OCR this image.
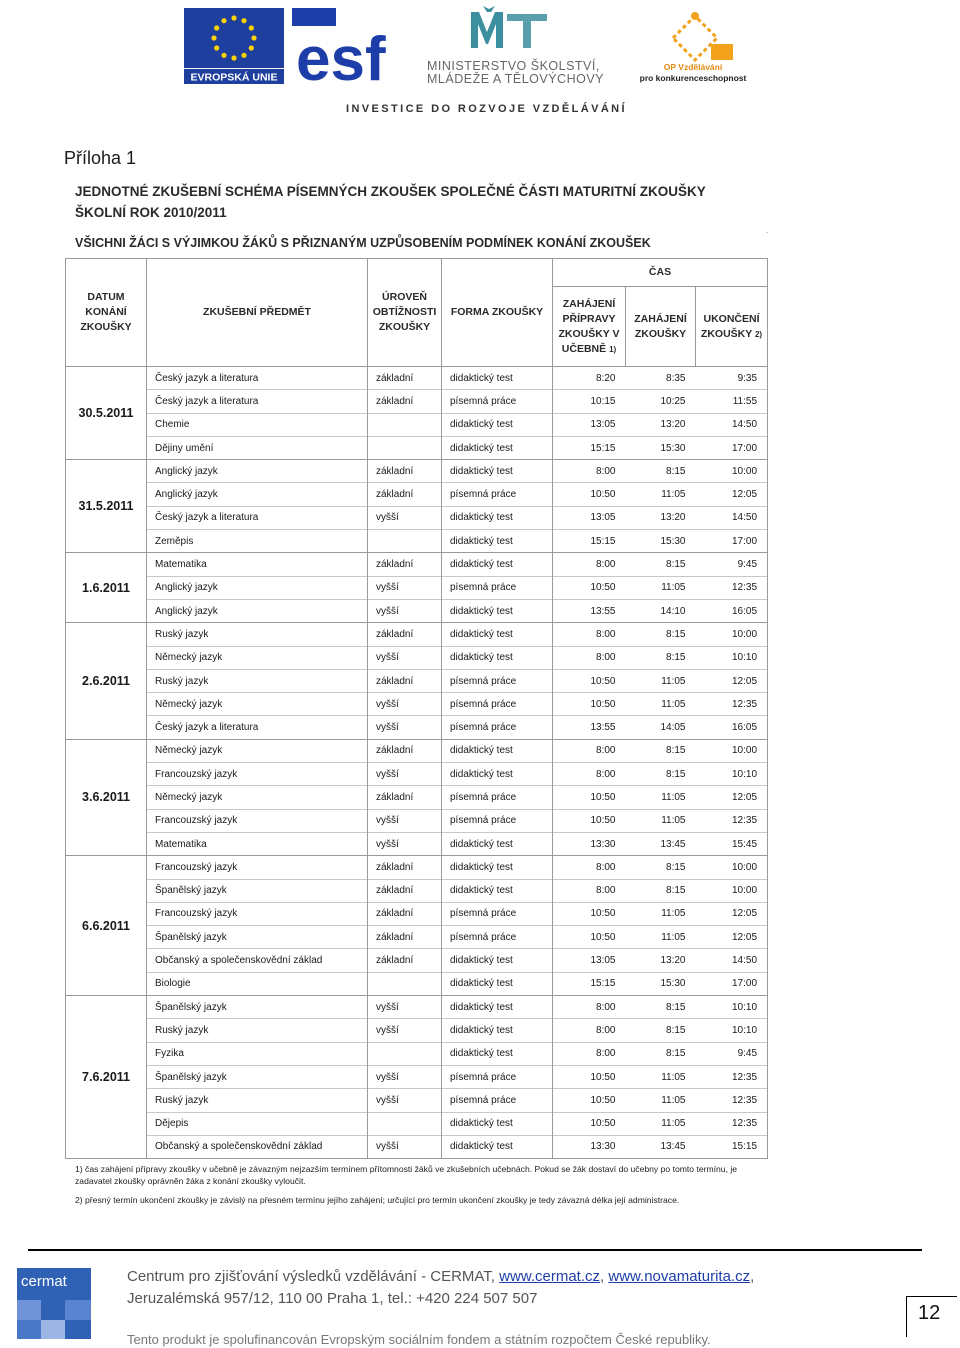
EVROPSKÁ UNIE esf	MINISTERSTVO ŠKOLSTVÍ,
MLÁDEŽE A TĚLOVÝCHOVY
OP Vzdělávání
pro konkurenceschopnost
INVESTICE DO ROZVOJE VZDĚLÁVÁNÍ
Příloha 1
JEDNOTNÉ ZKUŠEBNÍ SCHÉMA PÍSEMNÝCH ZKOUŠEK SPOLEČNÉ ČÁSTI MATURITNÍ ZKOUŠKY
ŠKOLNÍ ROK 2010/2011
.
VŠICHNI ŽÁCI S VÝJIMKOU ŽÁKŮ S PŘIZNANÝM UZPŮSOBENÍM PODMÍNEK KONÁNÍ ZKOUŠEK
DATUM KONÁNÍ ZKOUŠKY	ZKUŠEBNÍ PŘEDMĚT	ÚROVEŇ OBTÍŽNOSTI ZKOUŠKY	FORMA ZKOUŠKY	ČAS		
				ZAHÁJENÍ PŘÍPRAVY ZKOUŠKY V UČEBNĚ 1)	ZAHÁJENÍ ZKOUŠKY	UKONČENÍ ZKOUŠKY 2)
30.5.2011	Český jazyk a literatura	základní	didaktický test	8:20	8:35	9:35
	Český jazyk a literatura	základní	písemná práce	10:15	10:25	11:55
	Chemie		didaktický test	13:05	13:20	14:50
	Dějiny umění		didaktický test	15:15	15:30	17:00
31.5.2011	Anglický jazyk	základní	didaktický test	8:00	8:15	10:00
	Anglický jazyk	základní	písemná práce	10:50	11:05	12:05
	Český jazyk a literatura	vyšší	didaktický test	13:05	13:20	14:50
	Zeměpis		didaktický test	15:15	15:30	17:00
1.6.2011	Matematika	základní	didaktický test	8:00	8:15	9:45
	Anglický jazyk	vyšší	písemná práce	10:50	11:05	12:35
	Anglický jazyk	vyšší	didaktický test	13:55	14:10	16:05
2.6.2011	Ruský jazyk	základní	didaktický test	8:00	8:15	10:00
	Německý jazyk	vyšší	didaktický test	8:00	8:15	10:10
	Ruský jazyk	základní	písemná práce	10:50	11:05	12:05
	Německý jazyk	vyšší	písemná práce	10:50	11:05	12:35
	Český jazyk a literatura	vyšší	písemná práce	13:55	14:05	16:05
3.6.2011	Německý jazyk	základní	didaktický test	8:00	8:15	10:00
	Francouzský jazyk	vyšší	didaktický test	8:00	8:15	10:10
	Německý jazyk	základní	písemná práce	10:50	11:05	12:05
	Francouzský jazyk	vyšší	písemná práce	10:50	11:05	12:35
	Matematika	vyšší	didaktický test	13:30	13:45	15:45
6.6.2011	Francouzský jazyk	základní	didaktický test	8:00	8:15	10:00
	Španělský jazyk	základní	didaktický test	8:00	8:15	10:00
	Francouzský jazyk	základní	písemná práce	10:50	11:05	12:05
	Španělský jazyk	základní	písemná práce	10:50	11:05	12:05
	Občanský a společenskovědní základ	základní	didaktický test	13:05	13:20	14:50
	Biologie		didaktický test	15:15	15:30	17:00
7.6.2011	Španělský jazyk	vyšší	didaktický test	8:00	8:15	10:10
	Ruský jazyk	vyšší	didaktický test	8:00	8:15	10:10
	Fyzika		didaktický test	8:00	8:15	9:45
	Španělský jazyk	vyšší	písemná práce	10:50	11:05	12:35
	Ruský jazyk	vyšší	písemná práce	10:50	11:05	12:35
	Dějepis		didaktický test	10:50	11:05	12:35
	Občanský a společenskovědní základ	vyšší	didaktický test	13:30	13:45	15:15

1) čas zahájení přípravy zkoušky v učebně je závazným nejzazším termínem přítomnosti žáků ve zkušebních učebnách. Pokud se žák dostaví do učebny po tomto termínu, je zadavatel zkoušky oprávněn žáka z konání zkoušky vyloučit.

2) přesný termín ukončení zkoušky je závislý na přesném termínu jejího zahájení; určující pro termín ukončení zkoušky je tedy závazná délka její administrace.

cermat	Centrum pro zjišťování výsledků vzdělávání - CERMAT, www.cermat.cz, www.novamaturita.cz,
Jeruzalémská 957/12, 110 00 Praha 1, tel.: +420 224 507 507
Tento produkt je spolufinancován Evropským sociálním fondem a státním rozpočtem České republiky.
12
